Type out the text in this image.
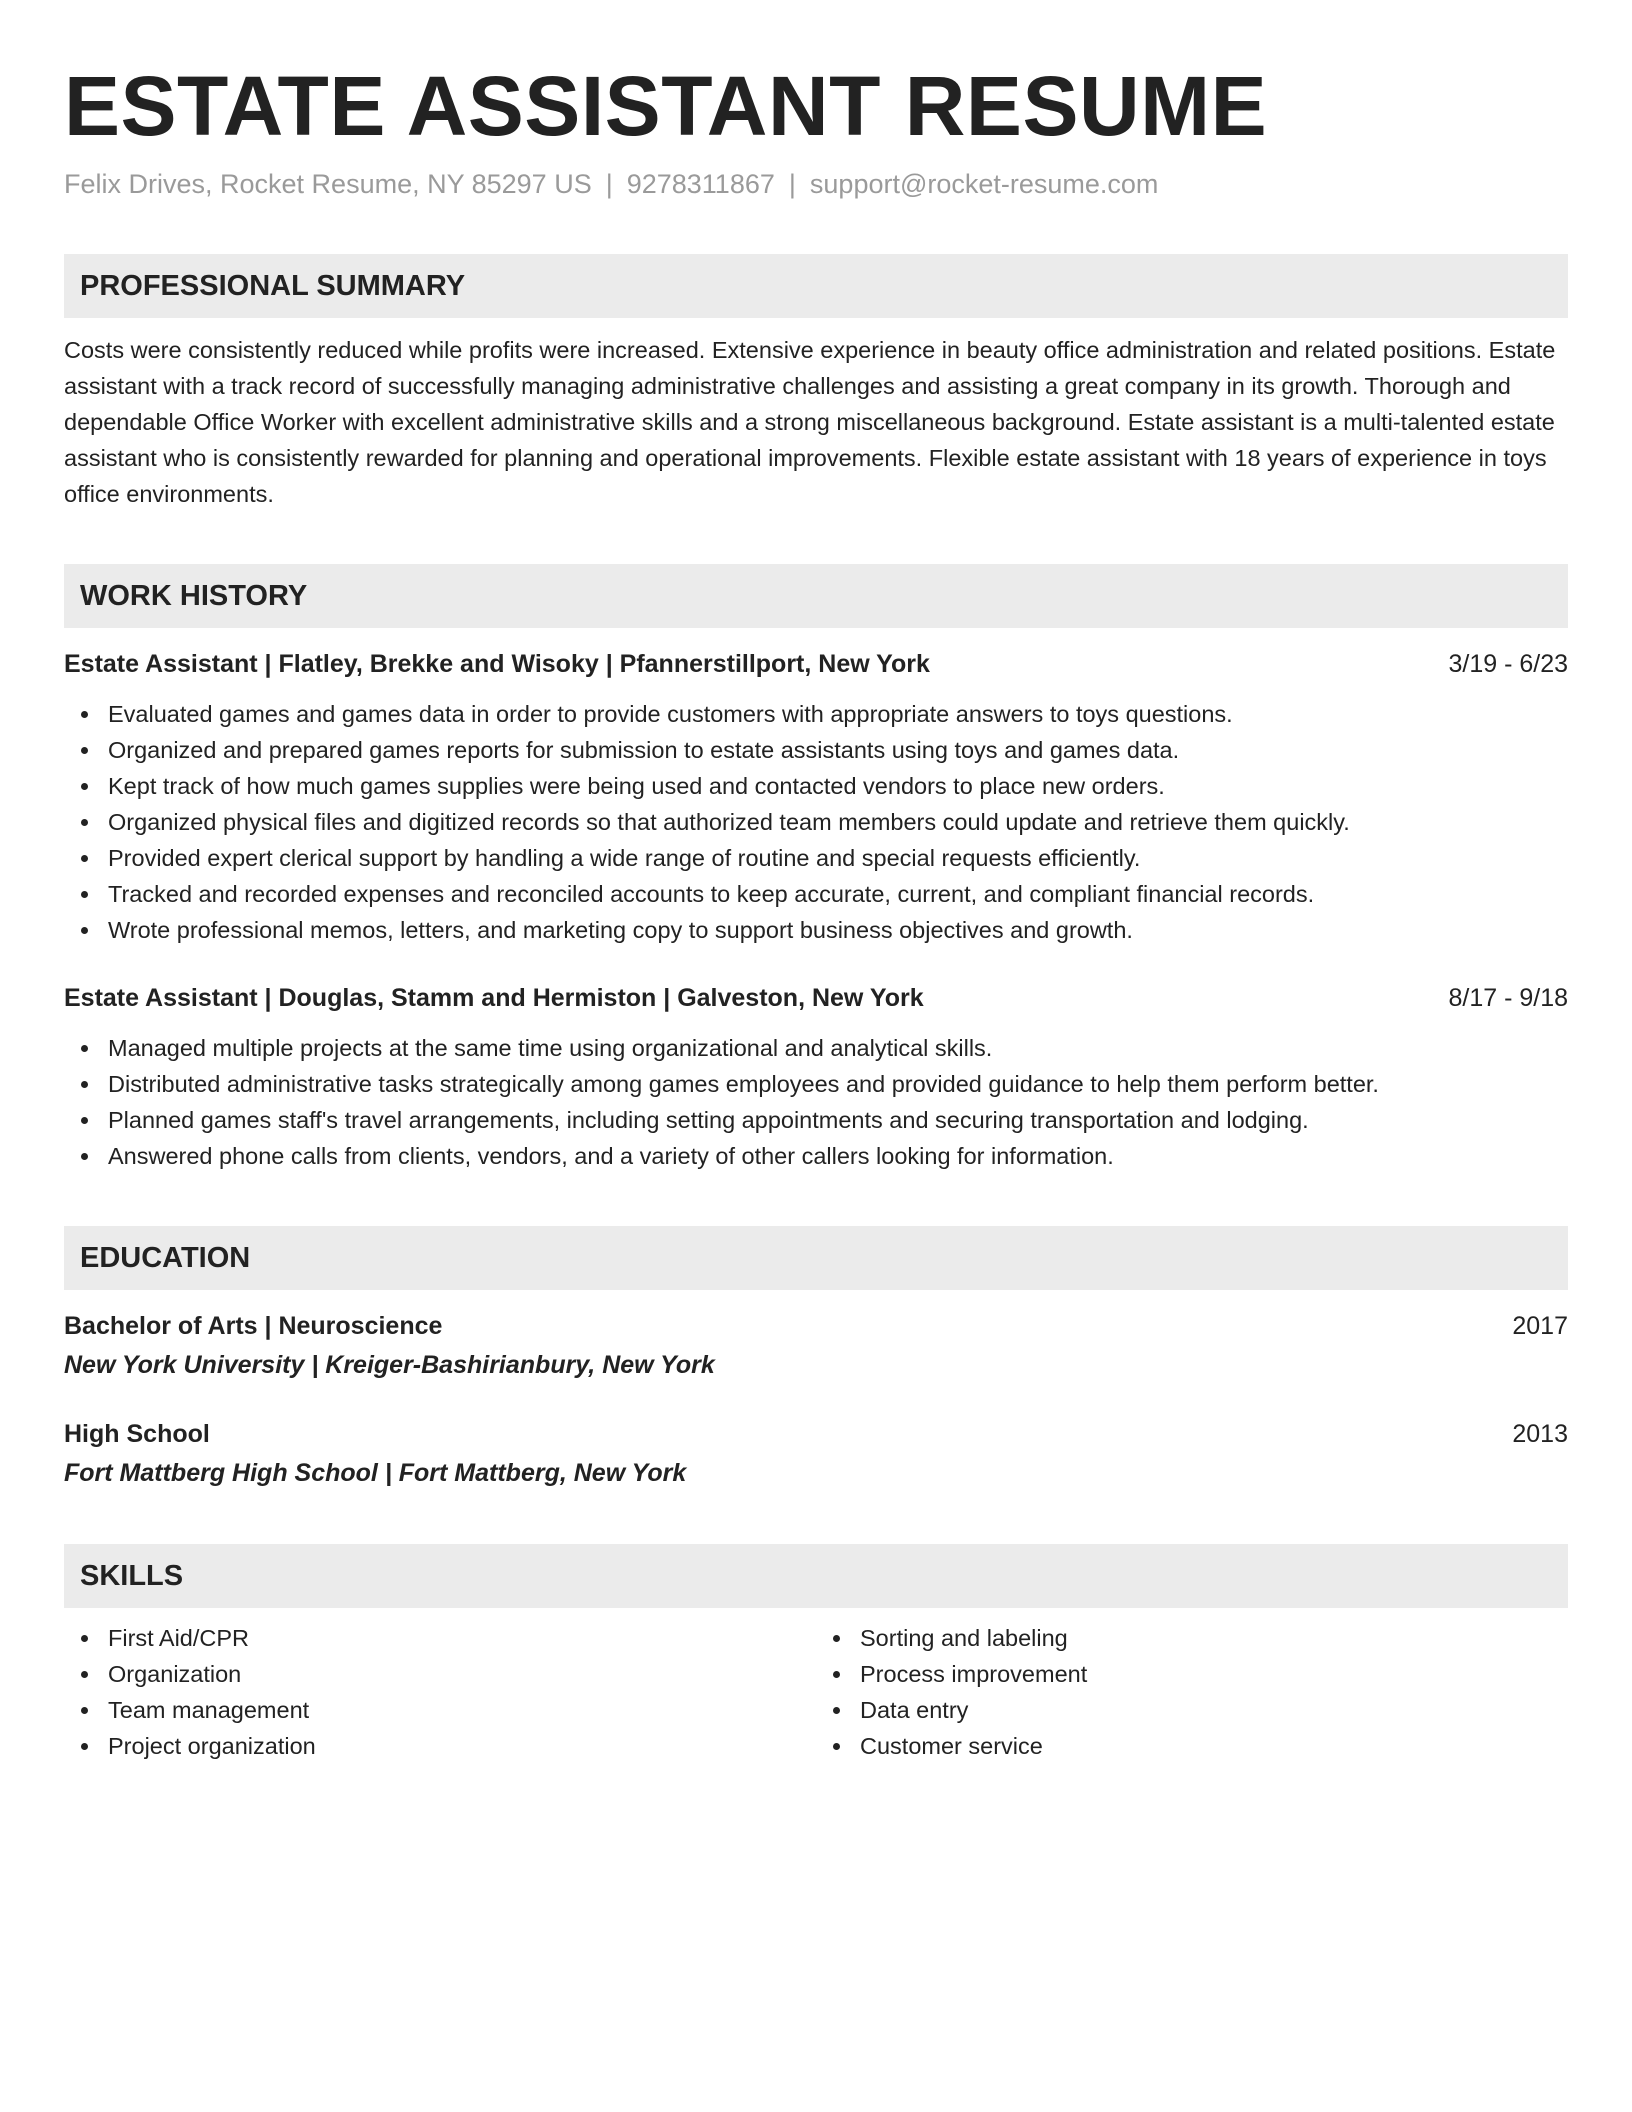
ESTATE ASSISTANT RESUME
Felix Drives, Rocket Resume, NY 85297 US | 9278311867 | support@rocket-resume.com
PROFESSIONAL SUMMARY
Costs were consistently reduced while profits were increased. Extensive experience in beauty office administration and related positions. Estate assistant with a track record of successfully managing administrative challenges and assisting a great company in its growth. Thorough and dependable Office Worker with excellent administrative skills and a strong miscellaneous background. Estate assistant is a multi-talented estate assistant who is consistently rewarded for planning and operational improvements. Flexible estate assistant with 18 years of experience in toys office environments.
WORK HISTORY
Estate Assistant | Flatley, Brekke and Wisoky | Pfannerstillport, New York	3/19 - 6/23
Evaluated games and games data in order to provide customers with appropriate answers to toys questions.
Organized and prepared games reports for submission to estate assistants using toys and games data.
Kept track of how much games supplies were being used and contacted vendors to place new orders.
Organized physical files and digitized records so that authorized team members could update and retrieve them quickly.
Provided expert clerical support by handling a wide range of routine and special requests efficiently.
Tracked and recorded expenses and reconciled accounts to keep accurate, current, and compliant financial records.
Wrote professional memos, letters, and marketing copy to support business objectives and growth.
Estate Assistant | Douglas, Stamm and Hermiston | Galveston, New York	8/17 - 9/18
Managed multiple projects at the same time using organizational and analytical skills.
Distributed administrative tasks strategically among games employees and provided guidance to help them perform better.
Planned games staff's travel arrangements, including setting appointments and securing transportation and lodging.
Answered phone calls from clients, vendors, and a variety of other callers looking for information.
EDUCATION
Bachelor of Arts | Neuroscience	2017
New York University | Kreiger-Bashirianbury, New York
High School	2013
Fort Mattberg High School | Fort Mattberg, New York
SKILLS
First Aid/CPR
Organization
Team management
Project organization
Sorting and labeling
Process improvement
Data entry
Customer service
